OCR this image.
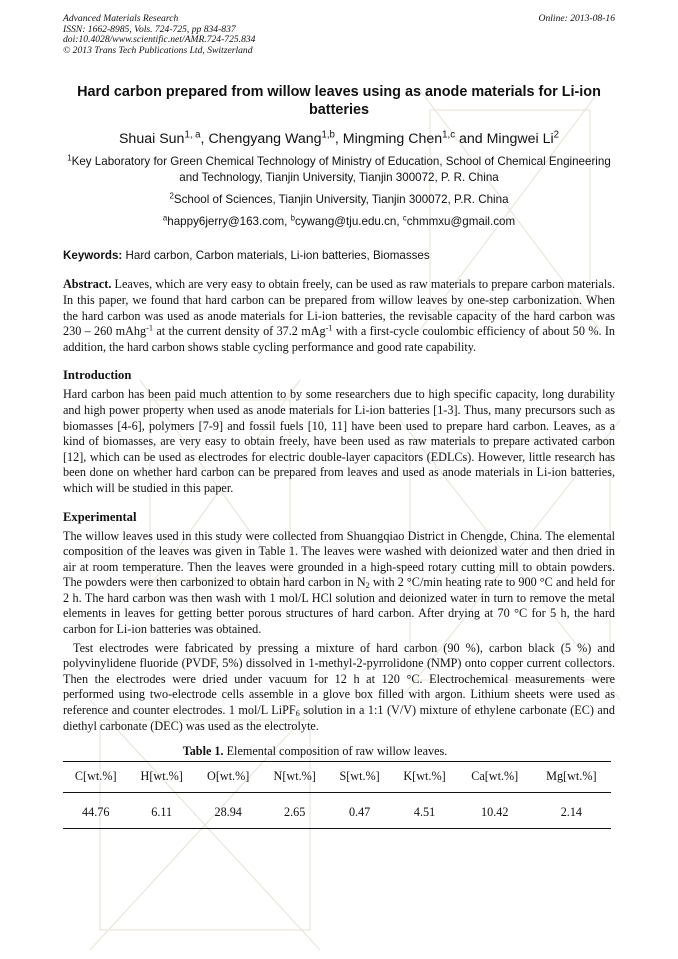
Advanced Materials Research	Online: 2013-08-16
ISSN: 1662-8985, Vols. 724-725, pp 834-837
doi:10.4028/www.scientific.net/AMR.724-725.834
© 2013 Trans Tech Publications Ltd, Switzerland
Hard carbon prepared from willow leaves using as anode materials for Li-ion batteries
Shuai Sun$^{1, a}$, Chengyang Wang$^{1,b}$, Mingming Chen$^{1,c}$ and Mingwei Li$^2$
$^1$Key Laboratory for Green Chemical Technology of Ministry of Education, School of Chemical Engineering and Technology, Tianjin University, Tianjin 300072, P. R. China
$^2$School of Sciences, Tianjin University, Tianjin 300072, P.R. China
$^a$happy6jerry@163.com, $^b$cywang@tju.edu.cn, $^c$chmmxu@gmail.com
Keywords: Hard carbon, Carbon materials, Li-ion batteries, Biomasses
Abstract. Leaves, which are very easy to obtain freely, can be used as raw materials to prepare carbon materials. In this paper, we found that hard carbon can be prepared from willow leaves by one-step carbonization. When the hard carbon was used as anode materials for Li-ion batteries, the revisable capacity of the hard carbon was 230 – 260 mAhg$^{-1}$ at the current density of 37.2 mAg$^{-1}$ with a first-cycle coulombic efficiency of about 50 %. In addition, the hard carbon shows stable cycling performance and good rate capability.
Introduction
Hard carbon has been paid much attention to by some researchers due to high specific capacity, long durability and high power property when used as anode materials for Li-ion batteries [1-3]. Thus, many precursors such as biomasses [4-6], polymers [7-9] and fossil fuels [10, 11] have been used to prepare hard carbon. Leaves, as a kind of biomasses, are very easy to obtain freely, have been used as raw materials to prepare activated carbon [12], which can be used as electrodes for electric double-layer capacitors (EDLCs). However, little research has been done on whether hard carbon can be prepared from leaves and used as anode materials in Li-ion batteries, which will be studied in this paper.
Experimental
The willow leaves used in this study were collected from Shuangqiao District in Chengde, China. The elemental composition of the leaves was given in Table 1. The leaves were washed with deionized water and then dried in air at room temperature. Then the leaves were grounded in a high-speed rotary cutting mill to obtain powders. The powders were then carbonized to obtain hard carbon in $N_2$ with 2 °C/min heating rate to 900 °C and held for 2 h. The hard carbon was then wash with 1 mol/L HCl solution and deionized water in turn to remove the metal elements in leaves for getting better porous structures of hard carbon. After drying at 70 °C for 5 h, the hard carbon for Li-ion batteries was obtained.
Test electrodes were fabricated by pressing a mixture of hard carbon (90 %), carbon black (5 %) and polyvinylidene fluoride (PVDF, 5%) dissolved in 1-methyl-2-pyrrolidone (NMP) onto copper current collectors. Then the electrodes were dried under vacuum for 12 h at 120 °C. Electrochemical measurements were performed using two-electrode cells assemble in a glove box filled with argon. Lithium sheets were used as reference and counter electrodes. 1 mol/L LiPF$_6$ solution in a 1:1 (V/V) mixture of ethylene carbonate (EC) and diethyl carbonate (DEC) was used as the electrolyte.
Table 1. Elemental composition of raw willow leaves.
C[wt.%]	H[wt.%]	O[wt.%]	N[wt.%]	S[wt.%]	K[wt.%]	Ca[wt.%]	Mg[wt.%]
44.76	6.11	28.94	2.65	0.47	4.51	10.42	2.14
